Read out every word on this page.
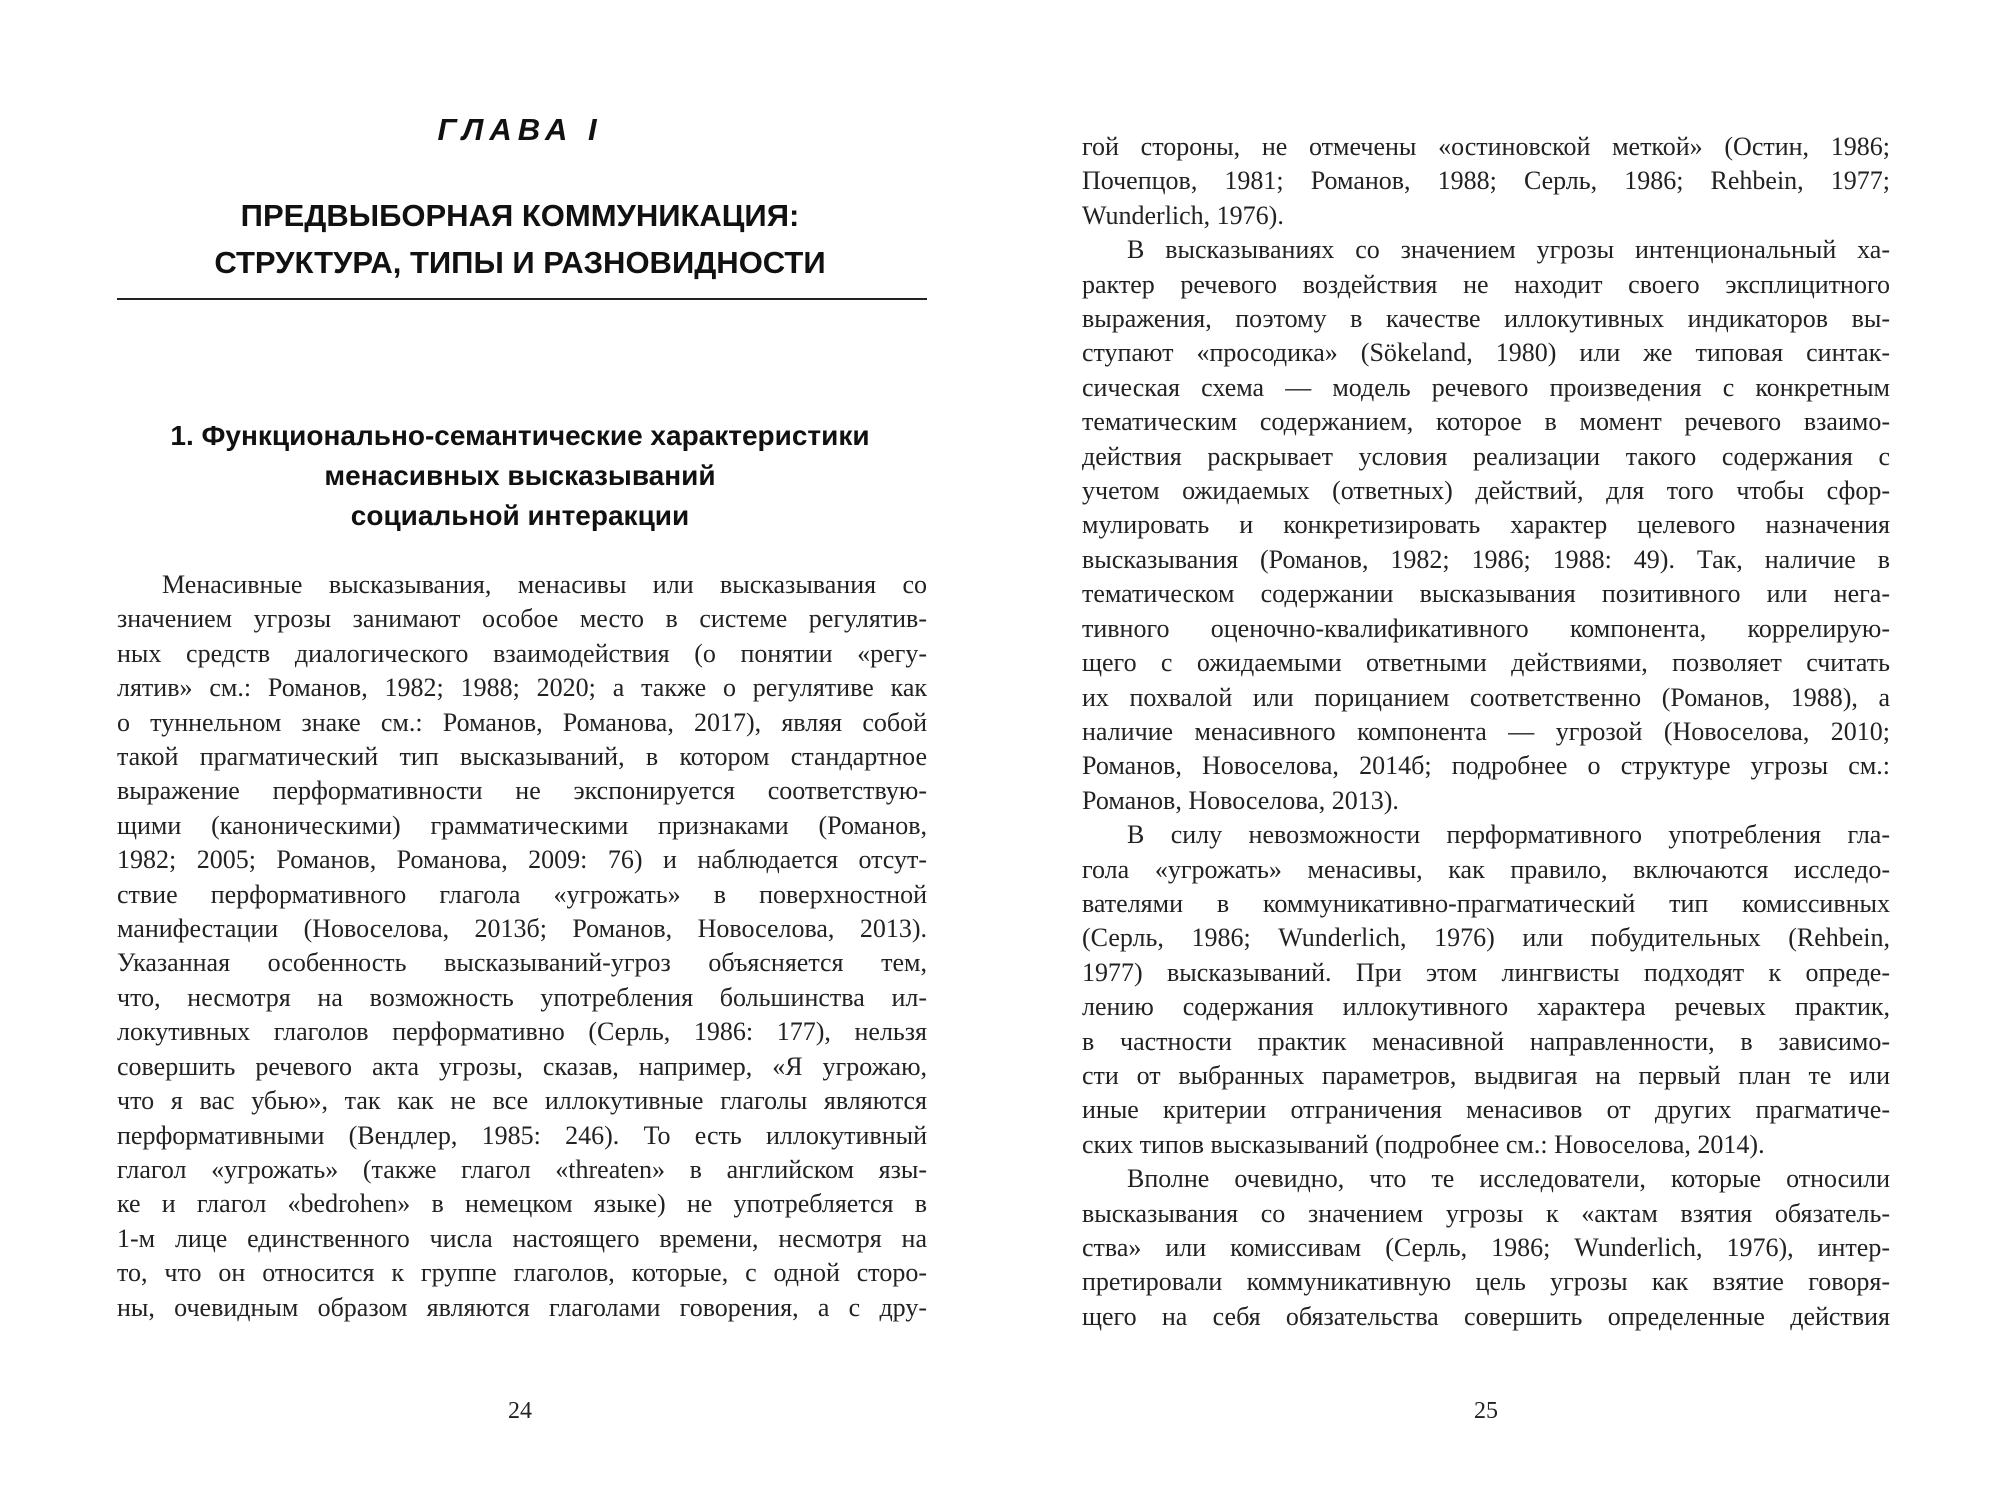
ГЛАВА I
ПРЕДВЫБОРНАЯ КОММУНИКАЦИЯ:
СТРУКТУРА, ТИПЫ И РАЗНОВИДНОСТИ
1. Функционально-семантические характеристики
менасивных высказываний
социальной интеракции
Менасивные высказывания, менасивы или высказывания со
значением угрозы занимают особое место в системе регулятив-
ных средств диалогического взаимодействия (о понятии «регу-
лятив» см.: Романов, 1982; 1988; 2020; а также о регулятиве как
о туннельном знаке см.: Романов, Романова, 2017), являя собой
такой прагматический тип высказываний, в котором стандартное
выражение перформативности не экспонируется соответствую-
щими (каноническими) грамматическими признаками (Романов,
1982; 2005; Романов, Романова, 2009: 76) и наблюдается отсут-
ствие перформативного глагола «угрожать» в поверхностной
манифестации (Новоселова, 2013б; Романов, Новоселова, 2013).
Указанная особенность высказываний-угроз объясняется тем,
что, несмотря на возможность употребления большинства ил-
локутивных глаголов перформативно (Серль, 1986: 177), нельзя
совершить речевого акта угрозы, сказав, например, «Я угрожаю,
что я вас убью», так как не все иллокутивные глаголы являются
перформативными (Вендлер, 1985: 246). То есть иллокутивный
глагол «угрожать» (также глагол «threaten» в английском язы-
ке и глагол «bedrohen» в немецком языке) не употребляется в
1-м лице единственного числа настоящего времени, несмотря на
то, что он относится к группе глаголов, которые, с одной сторо-
ны, очевидным образом являются глаголами говорения, а с дру-

24

гой стороны, не отмечены «остиновской меткой» (Остин, 1986;
Почепцов, 1981; Романов, 1988; Серль, 1986; Rehbein, 1977;
Wunderlich, 1976).
В высказываниях со значением угрозы интенциональный ха-
рактер речевого воздействия не находит своего эксплицитного
выражения, поэтому в качестве иллокутивных индикаторов вы-
ступают «просодика» (Sökeland, 1980) или же типовая синтак-
сическая схема — модель речевого произведения с конкретным
тематическим содержанием, которое в момент речевого взаимо-
действия раскрывает условия реализации такого содержания с
учетом ожидаемых (ответных) действий, для того чтобы сфор-
мулировать и конкретизировать характер целевого назначения
высказывания (Романов, 1982; 1986; 1988: 49). Так, наличие в
тематическом содержании высказывания позитивного или нега-
тивного оценочно-квалификативного компонента, коррелирую-
щего с ожидаемыми ответными действиями, позволяет считать
их похвалой или порицанием соответственно (Романов, 1988), а
наличие менасивного компонента — угрозой (Новоселова, 2010;
Романов, Новоселова, 2014б; подробнее о структуре угрозы см.:
Романов, Новоселова, 2013).
В силу невозможности перформативного употребления гла-
гола «угрожать» менасивы, как правило, включаются исследо-
вателями в коммуникативно-прагматический тип комиссивных
(Серль, 1986; Wunderlich, 1976) или побудительных (Rehbein,
1977) высказываний. При этом лингвисты подходят к опреде-
лению содержания иллокутивного характера речевых практик,
в частности практик менасивной направленности, в зависимо-
сти от выбранных параметров, выдвигая на первый план те или
иные критерии отграничения менасивов от других прагматиче-
ских типов высказываний (подробнее см.: Новоселова, 2014).
Вполне очевидно, что те исследователи, которые относили
высказывания со значением угрозы к «актам взятия обязатель-
ства» или комиссивам (Серль, 1986; Wunderlich, 1976), интер-
претировали коммуникативную цель угрозы как взятие говоря-
щего на себя обязательства совершить определенные действия

25
